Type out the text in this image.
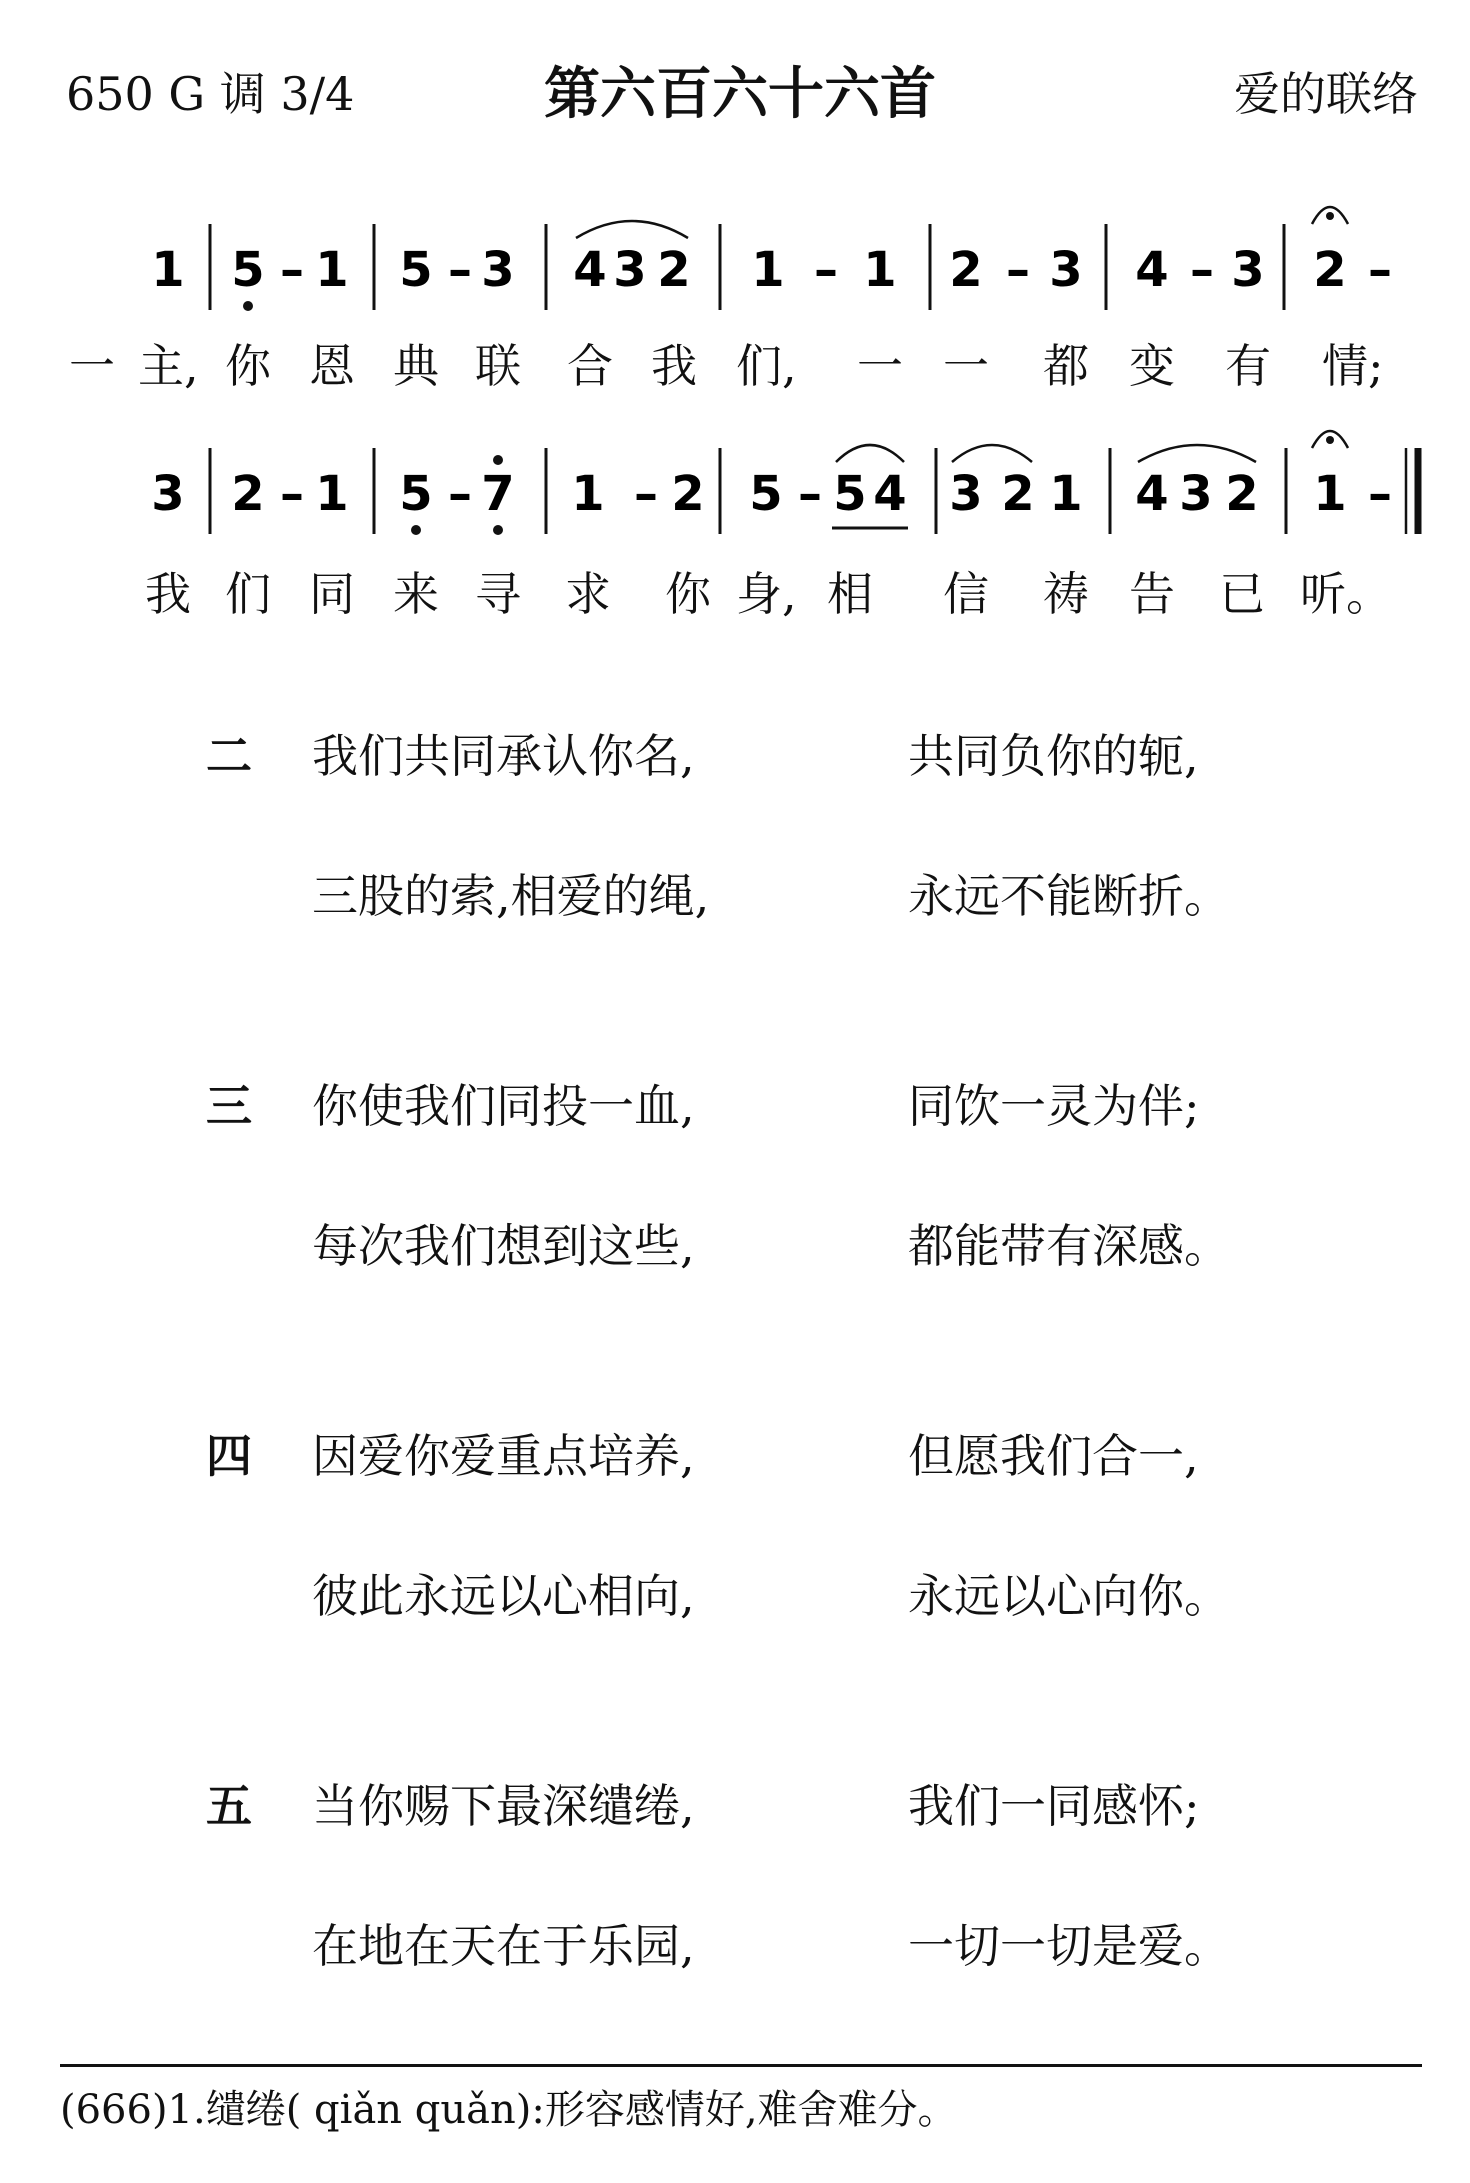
650 G 调 3/4	第六百六十六首	爱的联络
1 5 – 1 5 – 3 4 3 2 1 – 1 2 – 3 4 – 3 2 –
3 2 – 1 5 – 7 1 – 2 5 – 5 4 3 2 1 4 3 2 1 –
一 主, 你 恩 典 联 合 我 们, 一 一 都 变 有 情;
我 们 同 来 寻 求 你 身, 相 信 祷 告 已 听。
二 我们共同承认你名,	共同负你的轭,
三股的索,相爱的绳,	永远不能断折。
三 你使我们同投一血,	同饮一灵为伴;
每次我们想到这些,	都能带有深感。
四 因爱你爱重点培养,	但愿我们合一,
彼此永远以心相向,	永远以心向你。
五 当你赐下最深缱绻,	我们一同感怀;
在地在天在于乐园,	一切一切是爱。
(666)1.缱绻( qiǎn quǎn):形容感情好,难舍难分。
